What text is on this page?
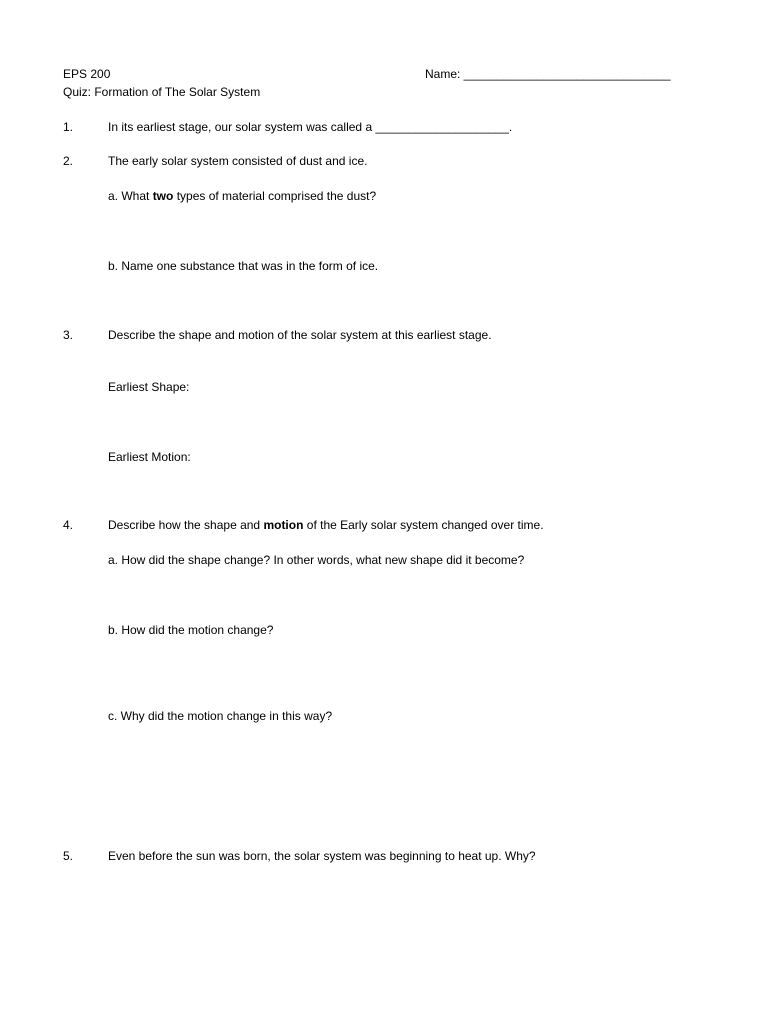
EPS 200	Name: _______________________________
Quiz: Formation of The Solar System
1.	In its earliest stage, our solar system was called a ____________________.
2.	The early solar system consisted of dust and ice.
a. What two types of material comprised the dust?
b. Name one substance that was in the form of ice.
3.	Describe the shape and motion of the solar system at this earliest stage.
Earliest Shape:
Earliest Motion:
4.	Describe how the shape and motion of the Early solar system changed over time.
a. How did the shape change? In other words, what new shape did it become?
b. How did the motion change?
c. Why did the motion change in this way?
5.	Even before the sun was born, the solar system was beginning to heat up. Why?
